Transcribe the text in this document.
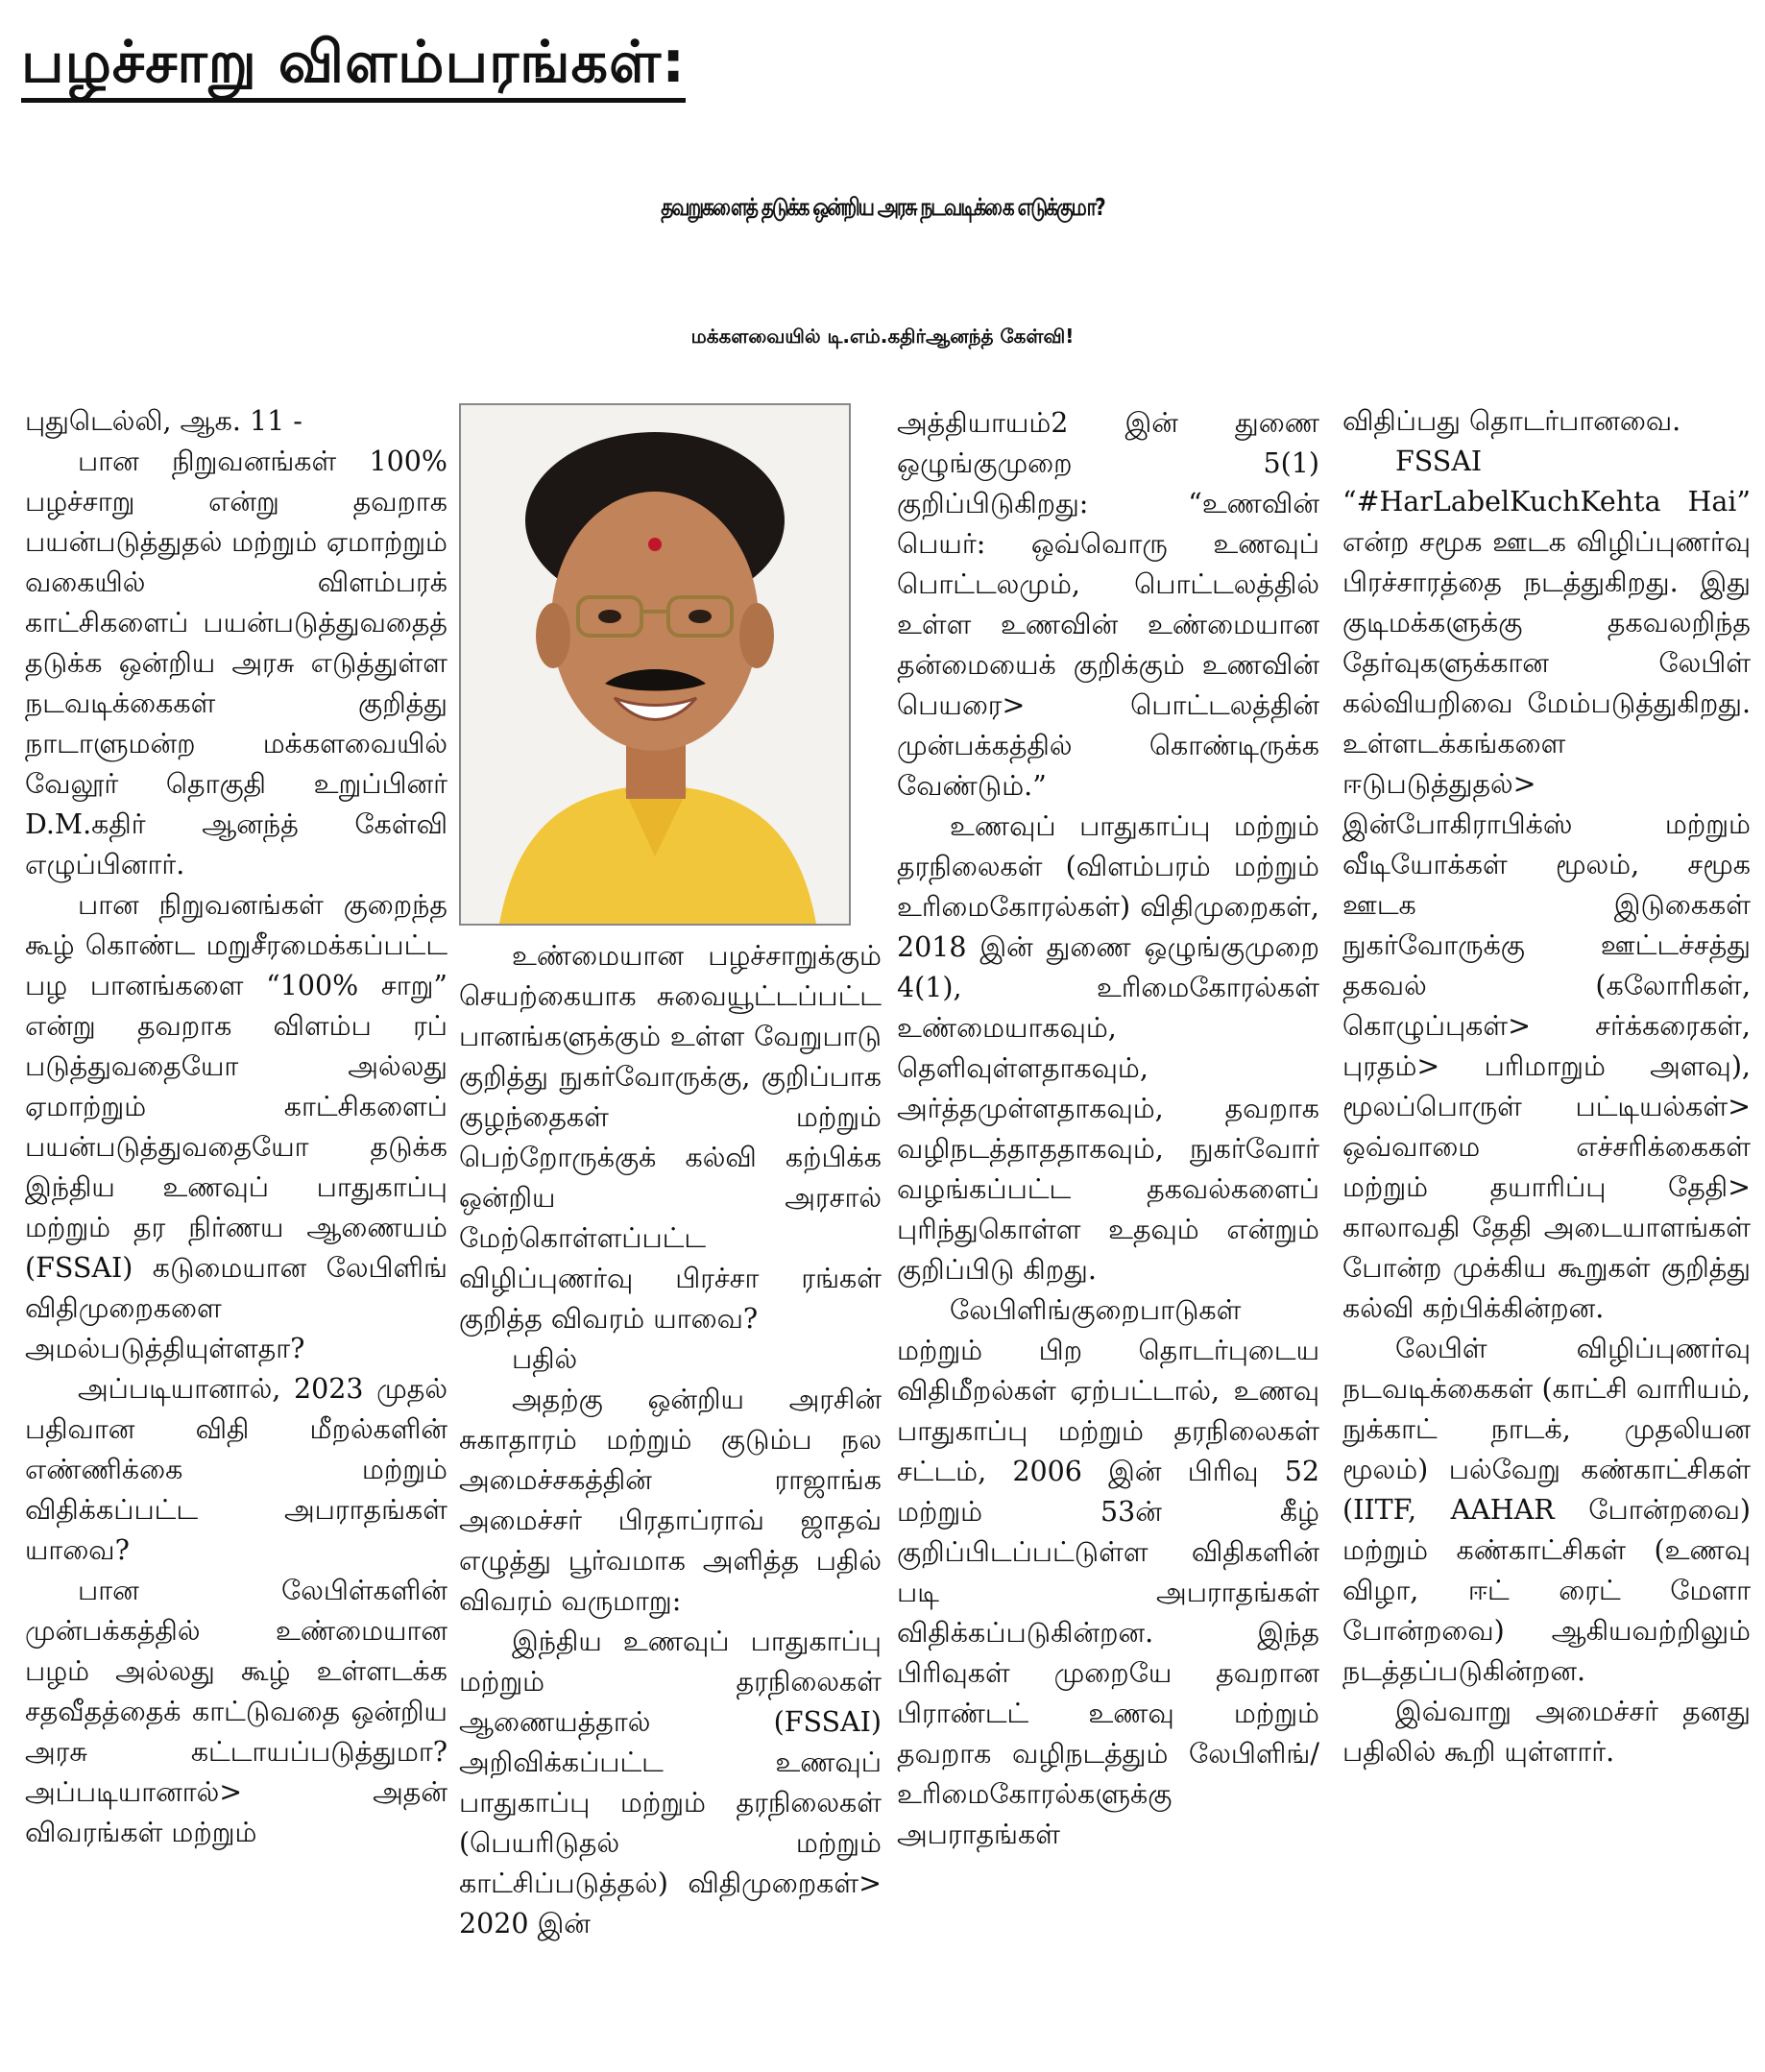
பழச்சாறு விளம்பரங்கள்:
தவறுகளைத் தடுக்க ஒன்றிய அரசு நடவடிக்கை எடுக்குமா?
மக்களவையில் டி.எம்.கதிர்ஆனந்த் கேள்வி!

புதுடெல்லி, ஆக. 11 -

பான நிறுவனங்கள் 100% பழச்சாறு என்று தவறாக பயன்படுத்துதல் மற்றும் ஏமாற்றும் வகையில் விளம்பரக் காட்சிகளைப் பயன்படுத்துவதைத் தடுக்க ஒன்றிய அரசு எடுத்துள்ள நடவடிக்கைகள் குறித்து நாடாளுமன்ற மக்களவையில் வேலூர் தொகுதி உறுப்பினர் D.M.கதிர் ஆனந்த் கேள்வி எழுப்பினார்.

பான நிறுவனங்கள் குறைந்த கூழ் கொண்ட மறுசீரமைக்கப்பட்ட பழ பானங்களை “100% சாறு” என்று தவறாக விளம்ப ரப் படுத்துவதையோ அல்லது ஏமாற்றும் காட்சிகளைப் பயன்படுத்துவதையோ தடுக்க இந்திய உணவுப் பாதுகாப்பு மற்றும் தர நிர்ணய ஆணையம் (FSSAI) கடுமையான லேபிளிங் விதிமுறைகளை அமல்படுத்தியுள்ளதா?

அப்படியானால், 2023 முதல் பதிவான விதி மீறல்களின் எண்ணிக்கை மற்றும் விதிக்கப்பட்ட அபராதங்கள் யாவை?

பான லேபிள்களின் முன்பக்கத்தில் உண்மையான பழம் அல்லது கூழ் உள்ளடக்க சதவீதத்தைக் காட்டுவதை ஒன்றிய அரசு கட்டாயப்படுத்துமா? அப்படியானால்> அதன் விவரங்கள் மற்றும்

உண்மையான பழச்சாறுக்கும் செயற்கையாக சுவையூட்டப்பட்ட பானங்களுக்கும் உள்ள வேறுபாடு குறித்து நுகர்வோருக்கு, குறிப்பாக குழந்தைகள் மற்றும் பெற்றோருக்குக் கல்வி கற்பிக்க ஒன்றிய அரசால் மேற்கொள்ளப்பட்ட விழிப்புணர்வு பிரச்சா ரங்கள் குறித்த விவரம் யாவை?

பதில்

அதற்கு ஒன்றிய அரசின் சுகாதாரம் மற்றும் குடும்ப நல அமைச்சகத்தின் ராஜாங்க அமைச்சர் பிரதாப்ராவ் ஜாதவ் எழுத்து பூர்வமாக அளித்த பதில் விவரம் வருமாறு:

இந்திய உணவுப் பாதுகாப்பு மற்றும் தரநிலைகள் ஆணையத்தால் (FSSAI) அறிவிக்கப்பட்ட உணவுப் பாதுகாப்பு மற்றும் தரநிலைகள் (பெயரிடுதல் மற்றும் காட்சிப்படுத்தல்) விதிமுறைகள்> 2020 இன்

அத்தியாயம்2 இன் துணை ஒழுங்குமுறை 5(1) குறிப்பிடுகிறது: “உணவின் பெயர்: ஒவ்வொரு உணவுப் பொட்டலமும், பொட்டலத்தில் உள்ள உணவின் உண்மையான தன்மையைக் குறிக்கும் உணவின் பெயரை> பொட்டலத்தின் முன்பக்கத்தில் கொண்டிருக்க வேண்டும்.”

உணவுப் பாதுகாப்பு மற்றும் தரநிலைகள் (விளம்பரம் மற்றும் உரிமைகோரல்கள்) விதிமுறைகள், 2018 இன் துணை ஒழுங்குமுறை 4(1), உரிமைகோரல்கள் உண்மையாகவும், தெளிவுள்ளதாகவும், அர்த்தமுள்ளதாகவும், தவறாக வழிநடத்தாததாகவும், நுகர்வோர் வழங்கப்பட்ட தகவல்களைப் புரிந்துகொள்ள உதவும் என்றும் குறிப்பிடு கிறது.

லேபிளிங்குறைபாடுகள் மற்றும் பிற தொடர்புடைய விதிமீறல்கள் ஏற்பட்டால், உணவு பாதுகாப்பு மற்றும் தரநிலைகள் சட்டம், 2006 இன் பிரிவு 52 மற்றும் 53ன் கீழ் குறிப்பிடப்பட்டுள்ள விதிகளின் படி அபராதங்கள் விதிக்கப்படுகின்றன. இந்த பிரிவுகள் முறையே தவறான பிராண்டட் உணவு மற்றும் தவறாக வழிநடத்தும் லேபிளிங்/உரிமைகோரல்களுக்கு அபராதங்கள்

விதிப்பது தொடர்பானவை.

FSSAI “#HarLabelKuchKehta Hai” என்ற சமூக ஊடக விழிப்புணர்வு பிரச்சாரத்தை நடத்துகிறது. இது குடிமக்களுக்கு தகவலறிந்த தேர்வுகளுக்கான லேபிள் கல்வியறிவை மேம்படுத்துகிறது. உள்ளடக்கங்களை ஈடுபடுத்துதல்> இன்போகிராபிக்ஸ் மற்றும் வீடியோக்கள் மூலம், சமூக ஊடக இடுகைகள் நுகர்வோருக்கு ஊட்டச்சத்து தகவல் (கலோரிகள், கொழுப்புகள்> சர்க்கரைகள், புரதம்> பரிமாறும் அளவு), மூலப்பொருள் பட்டியல்கள்> ஒவ்வாமை எச்சரிக்கைகள் மற்றும் தயாரிப்பு தேதி> காலாவதி தேதி அடையாளங்கள் போன்ற முக்கிய கூறுகள் குறித்து கல்வி கற்பிக்கின்றன.

லேபிள் விழிப்புணர்வு நடவடிக்கைகள் (காட்சி வாரியம், நுக்காட் நாடக், முதலியன மூலம்) பல்வேறு கண்காட்சிகள் (IITF, AAHAR போன்றவை) மற்றும் கண்காட்சிகள் (உணவு விழா, ஈட் ரைட் மேளா போன்றவை) ஆகியவற்றிலும் நடத்தப்படுகின்றன.

இவ்வாறு அமைச்சர் தனது பதிலில் கூறி யுள்ளார்.
